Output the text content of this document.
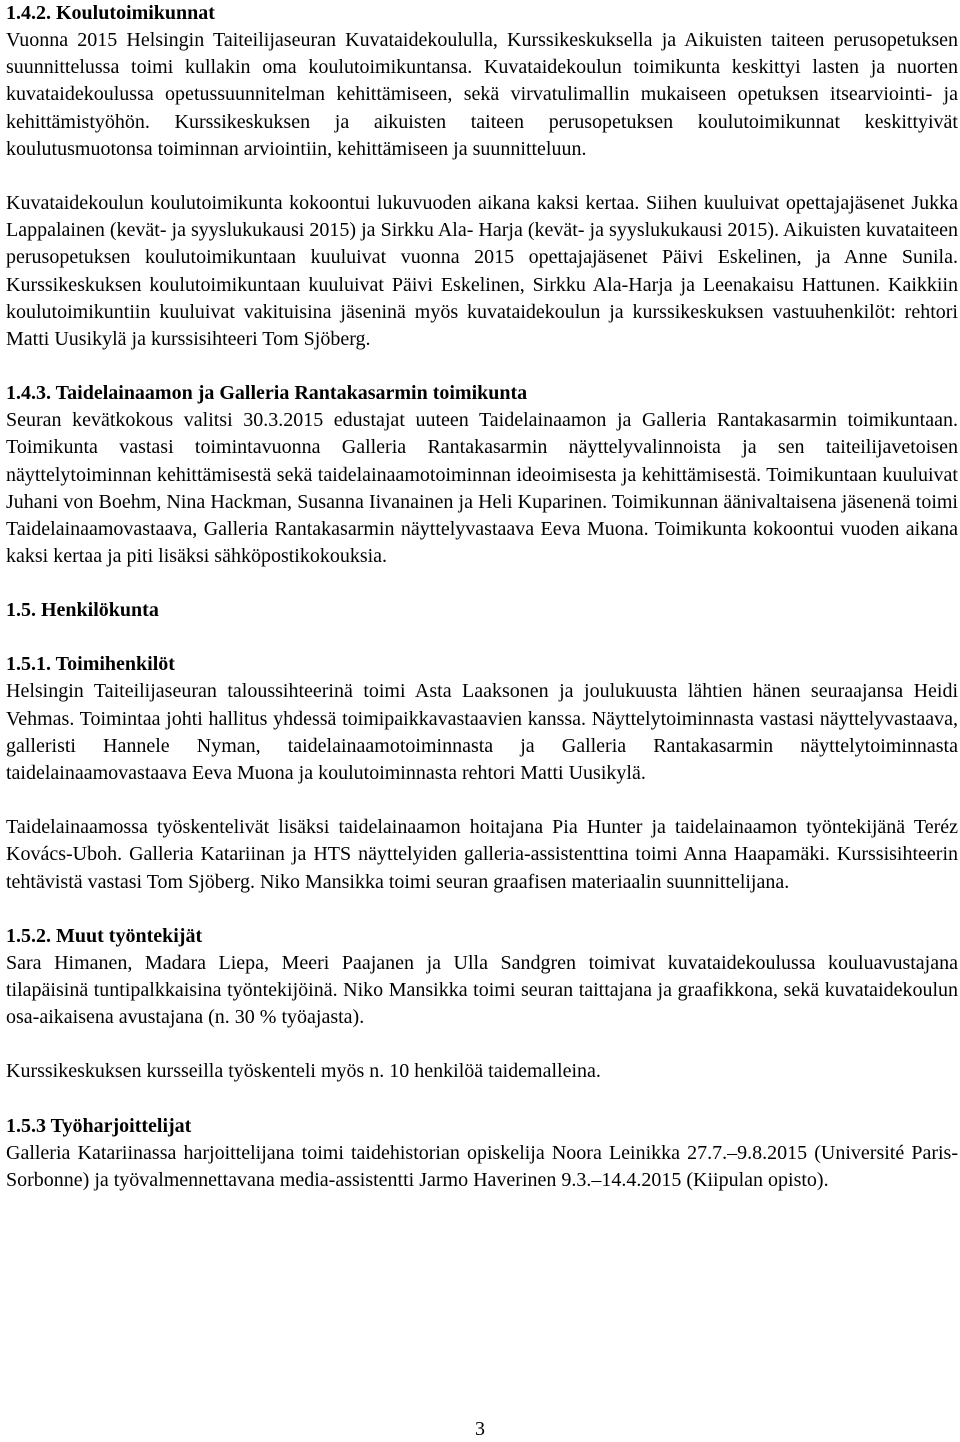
1.4.2. Koulutoimikunnat

Vuonna 2015 Helsingin Taiteilijaseuran Kuvataidekoululla, Kurssikeskuksella ja Aikuisten taiteen perusopetuksen suunnittelussa toimi kullakin oma koulutoimikuntansa. Kuvataidekoulun toimikunta keskittyi lasten ja nuorten kuvataidekoulussa opetussuunnitelman kehittämiseen, sekä virvatulimallin mukaiseen opetuksen itsearviointi- ja kehittämistyöhön. Kurssikeskuksen ja aikuisten taiteen perusopetuksen koulutoimikunnat keskittyivät koulutusmuotonsa toiminnan arviointiin, kehittämiseen ja suunnitteluun.

Kuvataidekoulun koulutoimikunta kokoontui lukuvuoden aikana kaksi kertaa. Siihen kuuluivat opettajajäsenet Jukka Lappalainen (kevät- ja syyslukukausi 2015) ja Sirkku Ala- Harja (kevät- ja syyslukukausi 2015). Aikuisten kuvataiteen perusopetuksen koulutoimikuntaan kuuluivat vuonna 2015 opettajajäsenet Päivi Eskelinen, ja Anne Sunila. Kurssikeskuksen koulutoimikuntaan kuuluivat Päivi Eskelinen, Sirkku Ala-Harja ja Leenakaisu Hattunen. Kaikkiin koulutoimikuntiin kuuluivat vakituisina jäseninä myös kuvataidekoulun ja kurssikeskuksen vastuuhenkilöt: rehtori Matti Uusikylä ja kurssisihteeri Tom Sjöberg.

1.4.3. Taidelainaamon ja Galleria Rantakasarmin toimikunta

Seuran kevätkokous valitsi 30.3.2015 edustajat uuteen Taidelainaamon ja Galleria Rantakasarmin toimikuntaan. Toimikunta vastasi toimintavuonna Galleria Rantakasarmin näyttelyvalinnoista ja sen taiteilijavetoisen näyttelytoiminnan kehittämisestä sekä taidelainaamotoiminnan ideoimisesta ja kehittämisestä. Toimikuntaan kuuluivat Juhani von Boehm, Nina Hackman, Susanna Iivanainen ja Heli Kuparinen. Toimikunnan äänivaltaisena jäsenenä toimi Taidelainaamovastaava, Galleria Rantakasarmin näyttelyvastaava Eeva Muona. Toimikunta kokoontui vuoden aikana kaksi kertaa ja piti lisäksi sähköpostikokouksia.

1.5. Henkilökunta
1.5.1. Toimihenkilöt

Helsingin Taiteilijaseuran taloussihteerinä toimi Asta Laaksonen ja joulukuusta lähtien hänen seuraajansa Heidi Vehmas. Toimintaa johti hallitus yhdessä toimipaikkavastaavien kanssa. Näyttelytoiminnasta vastasi näyttelyvastaava, galleristi Hannele Nyman, taidelainaamotoiminnasta ja Galleria Rantakasarmin näyttelytoiminnasta taidelainaamovastaava Eeva Muona ja koulutoiminnasta rehtori Matti Uusikylä.

Taidelainaamossa työskentelivät lisäksi taidelainaamon hoitajana Pia Hunter ja taidelainaamon työntekijänä Teréz Kovács-Uboh. Galleria Katariinan ja HTS näyttelyiden galleria-assistenttina toimi Anna Haapamäki. Kurssisihteerin tehtävistä vastasi Tom Sjöberg. Niko Mansikka toimi seuran graafisen materiaalin suunnittelijana.

1.5.2. Muut työntekijät

Sara Himanen, Madara Liepa, Meeri Paajanen ja Ulla Sandgren toimivat kuvataidekoulussa kouluavustajana tilapäisinä tuntipalkkaisina työntekijöinä. Niko Mansikka toimi seuran taittajana ja graafikkona, sekä kuvataidekoulun osa-aikaisena avustajana (n. 30 % työajasta).

Kurssikeskuksen kursseilla työskenteli myös n. 10 henkilöä taidemalleina.

1.5.3 Työharjoittelijat

Galleria Katariinassa harjoittelijana toimi taidehistorian opiskelija Noora Leinikka 27.7.–9.8.2015 (Université Paris-Sorbonne) ja työvalmennettavana media-assistentti Jarmo Haverinen 9.3.–14.4.2015 (Kiipulan opisto).

3
